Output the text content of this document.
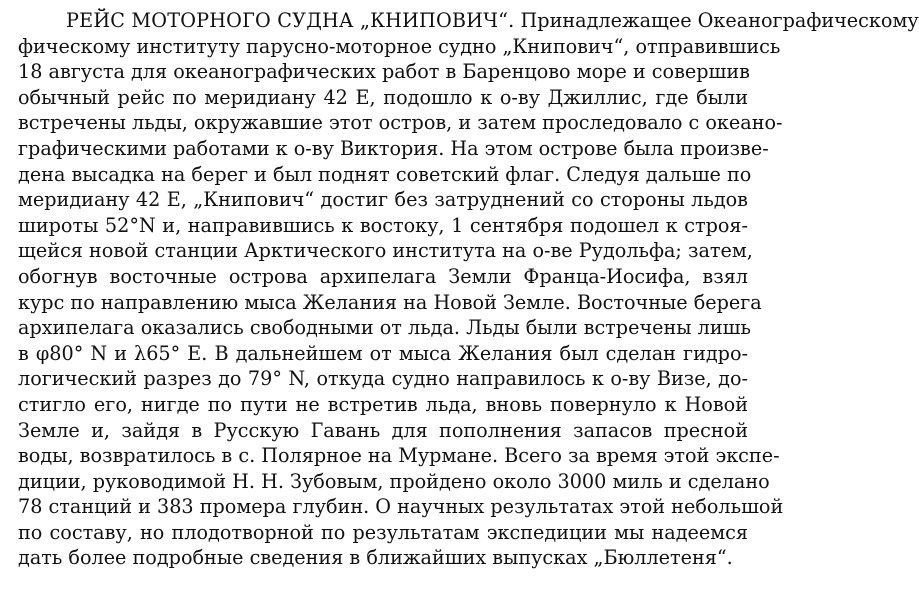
РЕЙС МОТОРНОГО СУДНА „КНИПОВИЧ“. Принадлежащее Океанографическому
фическому институту парусно-моторное судно „Книпович“, отправившись
18 августа для океанографических работ в Баренцово море и совершив
обычный рейс по меридиану 42 E, подошло к о-ву Джиллис, где были
встречены льды, окружавшие этот остров, и затем проследовало с океано-
графическими работами к о-ву Виктория. На этом острове была произве-
дена высадка на берег и был поднят советский флаг. Следуя дальше по
меридиану 42 E, „Книпович“ достиг без затруднений со стороны льдов
широты 52°N и, направившись к востоку, 1 сентября подошел к строя-
щейся новой станции Арктического института на о-ве Рудольфа; затем,
обогнув восточные острова архипелага Земли Франца-Иосифа, взял
курс по направлению мыса Желания на Новой Земле. Восточные берега
архипелага оказались свободными от льда. Льды были встречены лишь
в φ80° N и λ65° E. В дальнейшем от мыса Желания был сделан гидро-
логический разрез до 79° N, откуда судно направилось к о-ву Визе, до-
стигло его, нигде по пути не встретив льда, вновь повернуло к Новой
Земле и, зайдя в Русскую Гавань для пополнения запасов пресной
воды, возвратилось в с. Полярное на Мурмане. Всего за время этой экспе-
диции, руководимой Н. Н. Зубовым, пройдено около 3000 миль и сделано
78 станций и 383 промера глубин. О научных результатах этой небольшой
по составу, но плодотворной по результатам экспедиции мы надеемся
дать более подробные сведения в ближайших выпусках „Бюллетеня“.
